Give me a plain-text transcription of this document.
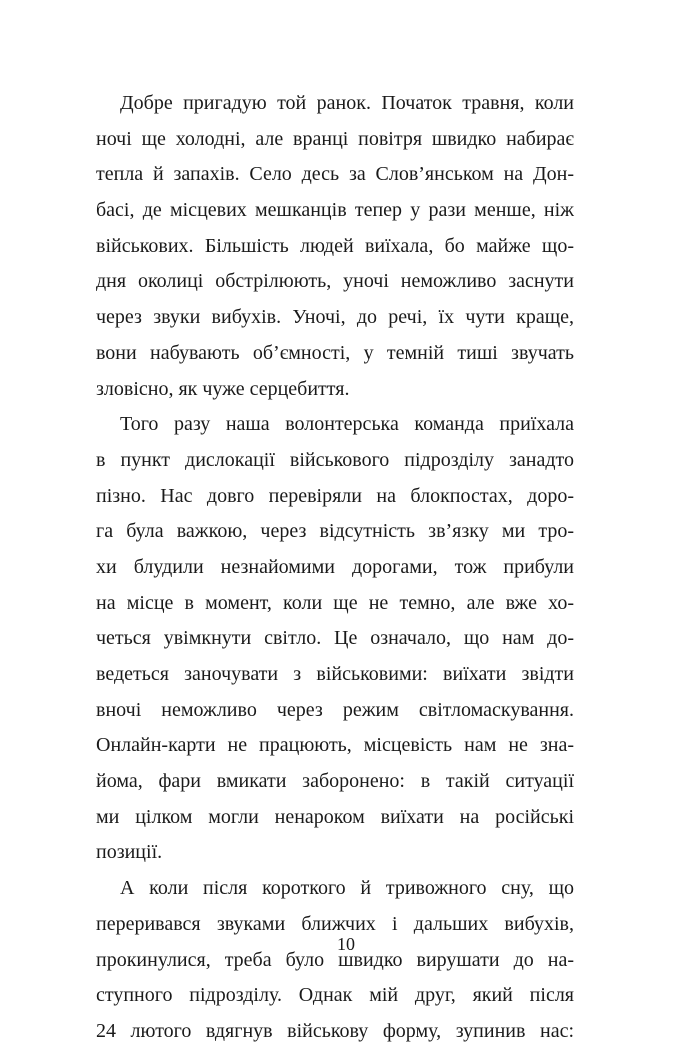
Добре пригадую той ранок. Початок травня, коли
ночі ще холодні, але вранці повітря швидко набирає
тепла й запахів. Село десь за Слов’янськом на Дон-
басі, де місцевих мешканців тепер у рази менше, ніж
військових. Більшість людей виїхала, бо майже що-
дня околиці обстрілюють, уночі неможливо заснути
через звуки вибухів. Уночі, до речі, їх чути краще,
вони набувають об’ємності, у темній тиші звучать
зловісно, як чуже серцебиття.
Того разу наша волонтерська команда приїхала
в пункт дислокації військового підрозділу занадто
пізно. Нас довго перевіряли на блокпостах, доро-
га була важкою, через відсутність зв’язку ми тро-
хи блудили незнайомими дорогами, тож прибули
на місце в момент, коли ще не темно, але вже хо-
четься увімкнути світло. Це означало, що нам до-
ведеться заночувати з військовими: виїхати звідти
вночі неможливо через режим світломаскування.
Онлайн-карти не працюють, місцевість нам не зна-
йома, фари вмикати заборонено: в такій ситуації
ми цілком могли ненароком виїхати на російські
позиції.
А коли після короткого й тривожного сну, що
переривався звуками ближчих і дальших вибухів,
прокинулися, треба було швидко вирушати до на-
ступного підрозділу. Однак мій друг, який після
24 лютого вдягнув військову форму, зупинив нас:
10
